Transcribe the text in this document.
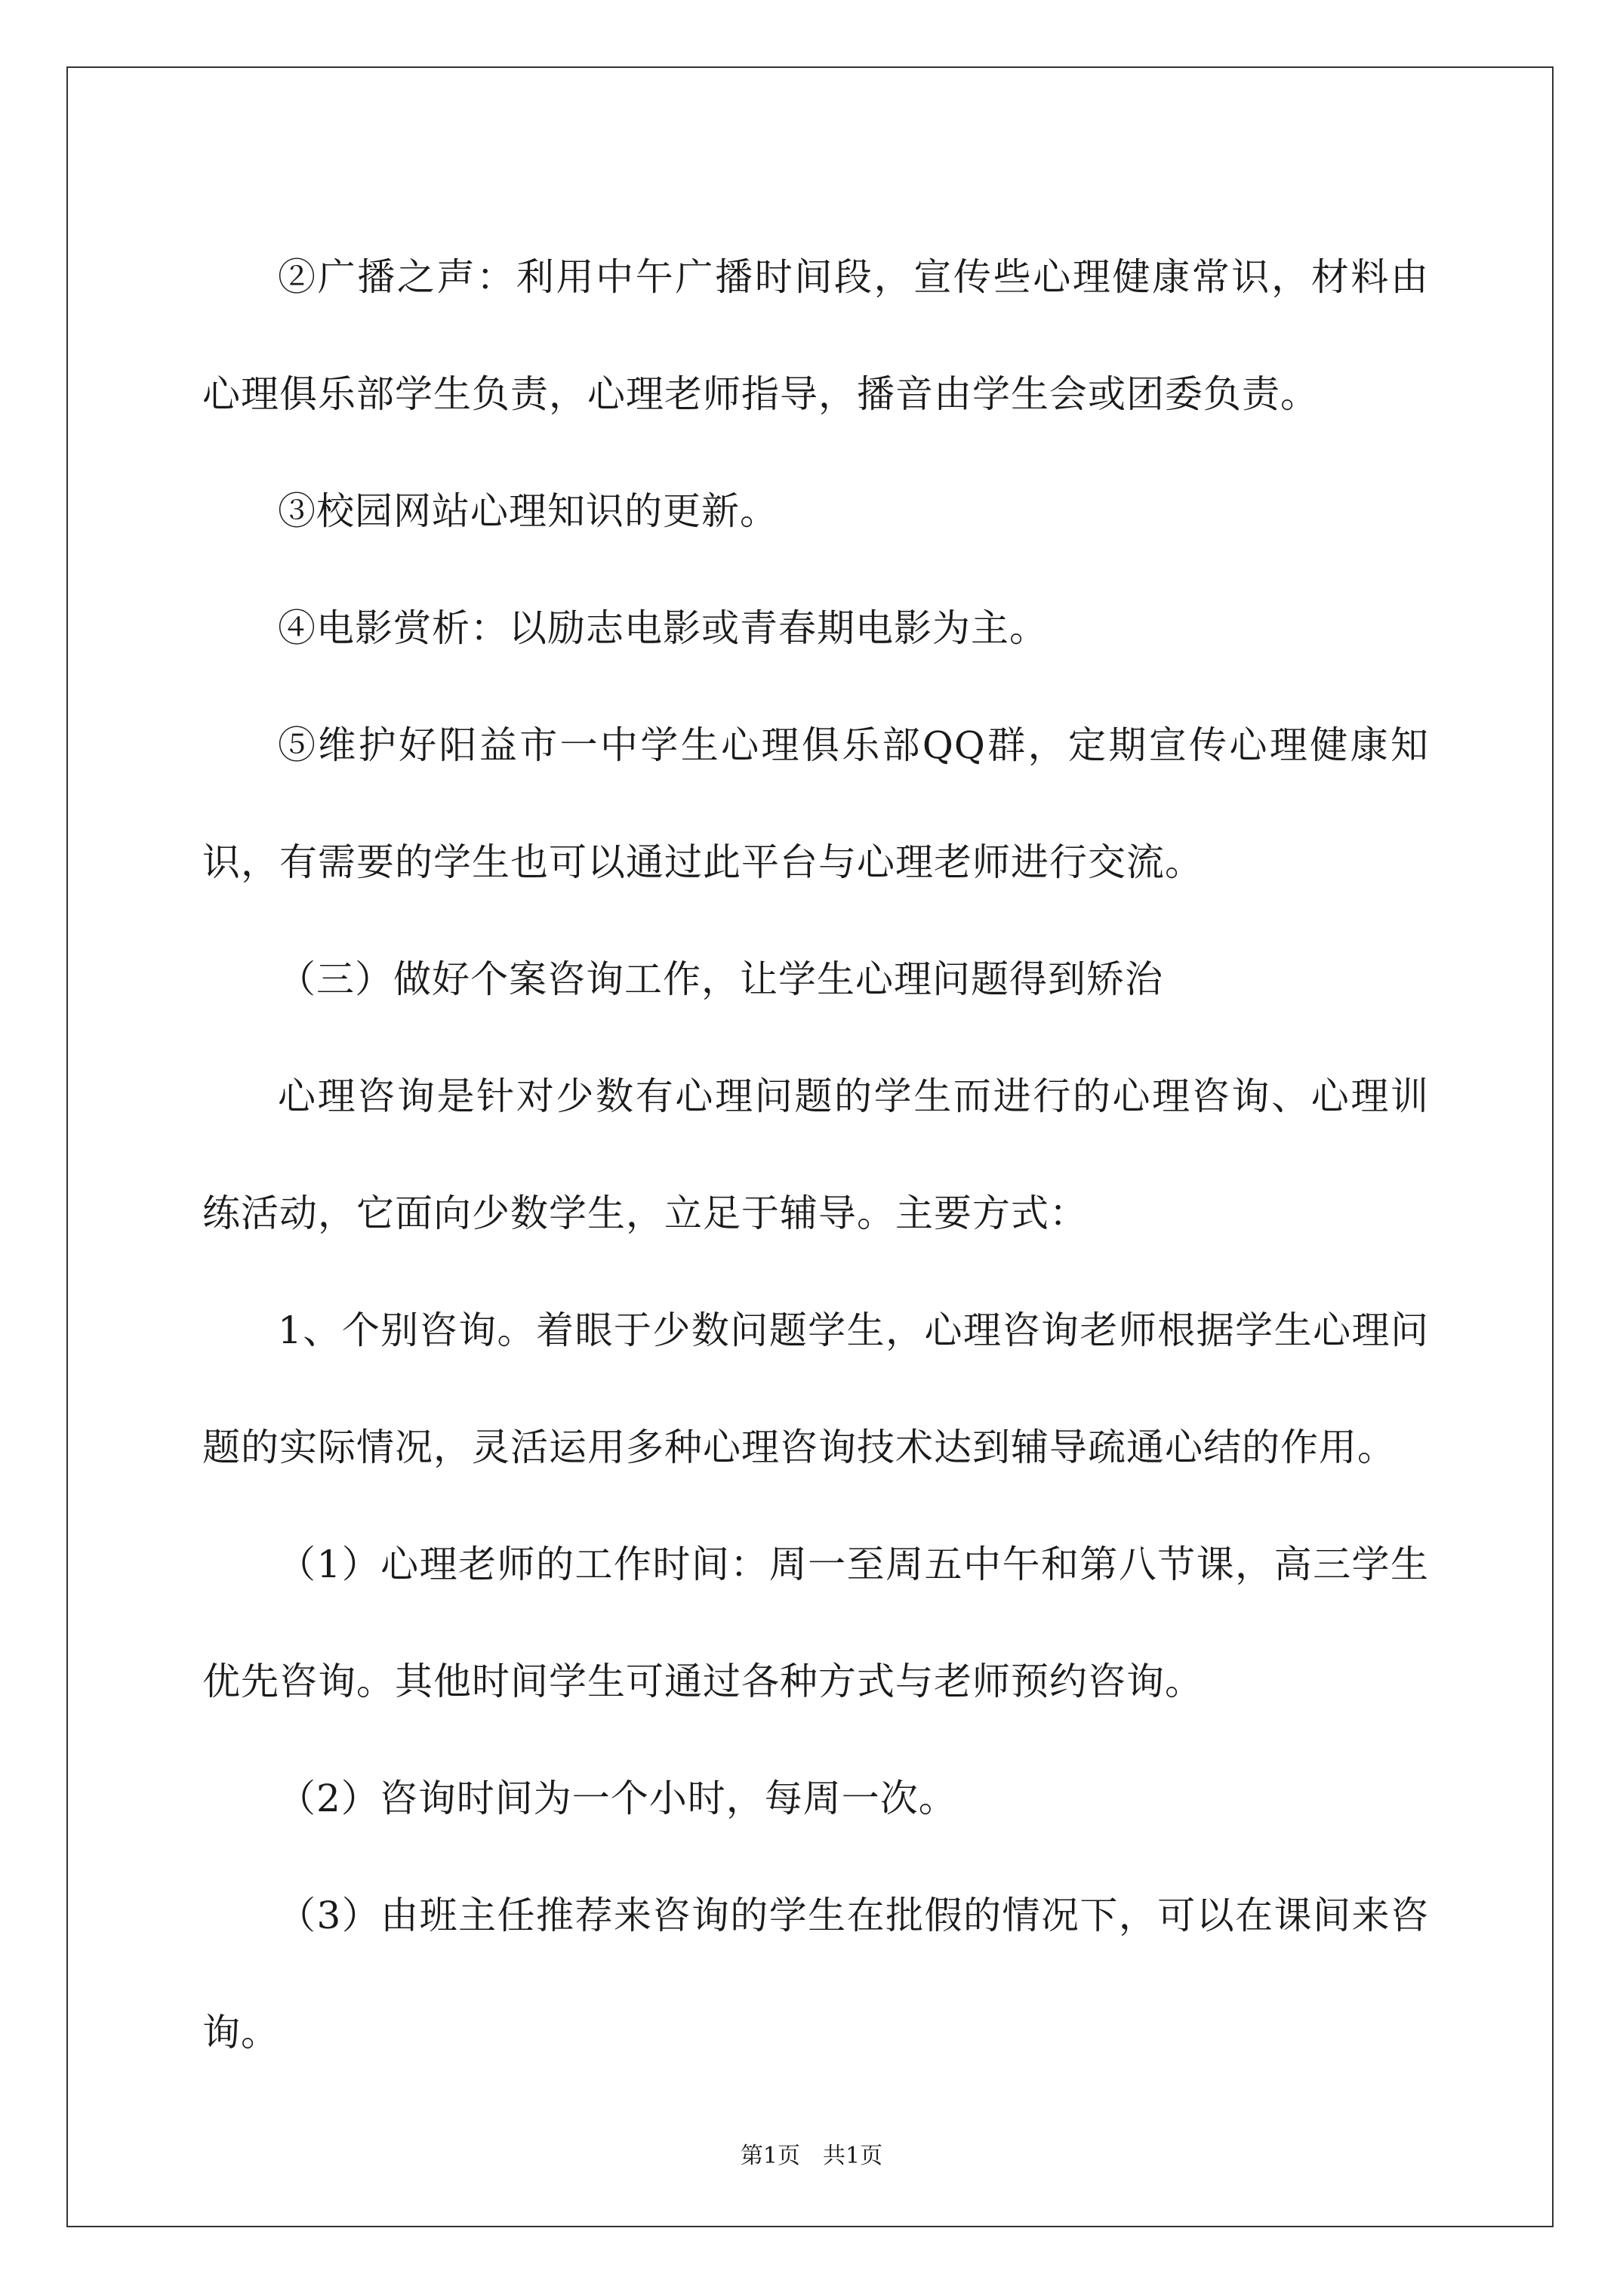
②广播之声：利用中午广播时间段，宣传些心理健康常识，材料由心理俱乐部学生负责，心理老师指导，播音由学生会或团委负责。

③校园网站心理知识的更新。

④电影赏析：以励志电影或青春期电影为主。

⑤维护好阳益市一中学生心理俱乐部QQ群，定期宣传心理健康知识，有需要的学生也可以通过此平台与心理老师进行交流。

（三）做好个案咨询工作，让学生心理问题得到矫治

心理咨询是针对少数有心理问题的学生而进行的心理咨询、心理训练活动，它面向少数学生，立足于辅导。主要方式：

1、个别咨询。着眼于少数问题学生，心理咨询老师根据学生心理问题的实际情况，灵活运用多种心理咨询技术达到辅导疏通心结的作用。

（1）心理老师的工作时间：周一至周五中午和第八节课，高三学生优先咨询。其他时间学生可通过各种方式与老师预约咨询。

（2）咨询时间为一个小时，每周一次。

（3）由班主任推荐来咨询的学生在批假的情况下，可以在课间来咨询。

第1页　共1页
